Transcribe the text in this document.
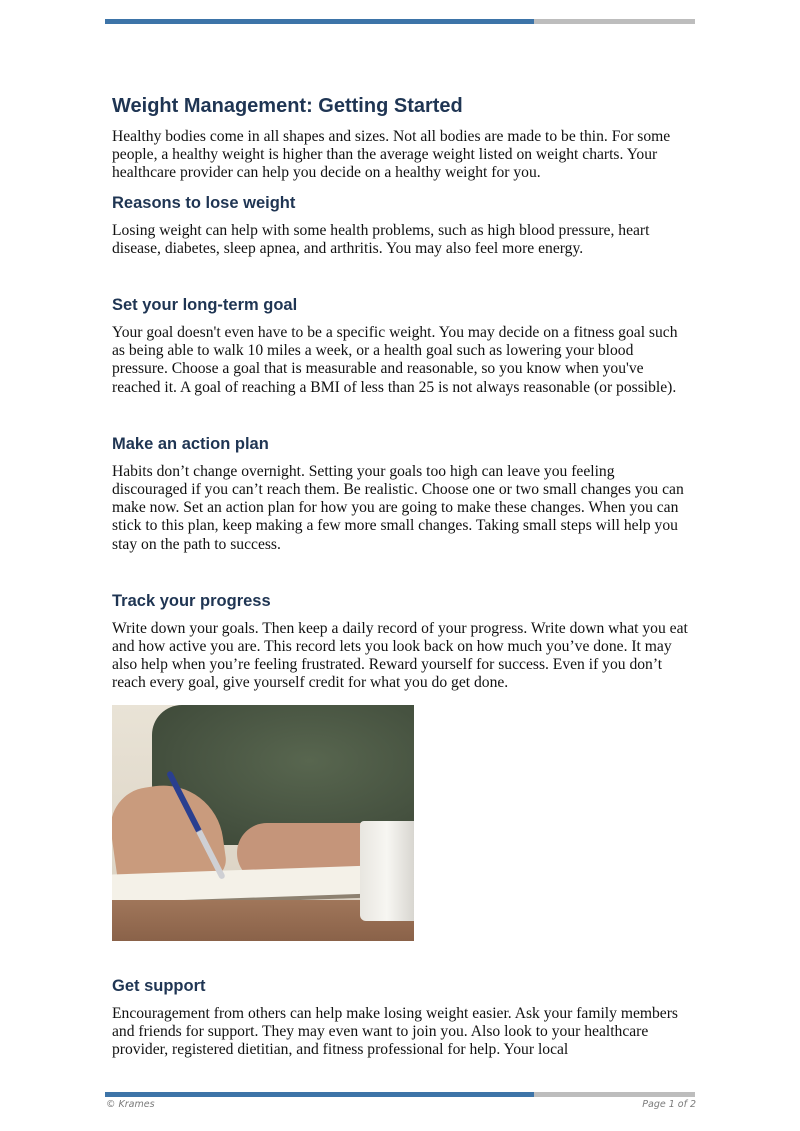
Weight Management: Getting Started

Healthy bodies come in all shapes and sizes. Not all bodies are made to be thin. For some people, a healthy weight is higher than the average weight listed on weight charts. Your healthcare provider can help you decide on a healthy weight for you.

Reasons to lose weight

Losing weight can help with some health problems, such as high blood pressure, heart disease, diabetes, sleep apnea, and arthritis. You may also feel more energy.

Set your long-term goal

Your goal doesn't even have to be a specific weight. You may decide on a fitness goal such as being able to walk 10 miles a week, or a health goal such as lowering your blood pressure. Choose a goal that is measurable and reasonable, so you know when you've reached it. A goal of reaching a BMI of less than 25 is not always reasonable (or possible).

Make an action plan

Habits don’t change overnight. Setting your goals too high can leave you feeling discouraged if you can’t reach them. Be realistic. Choose one or two small changes you can make now. Set an action plan for how you are going to make these changes. When you can stick to this plan, keep making a few more small changes. Taking small steps will help you stay on the path to success.

Track your progress

Write down your goals. Then keep a daily record of your progress. Write down what you eat and how active you are. This record lets you look back on how much you’ve done. It may also help when you’re feeling frustrated. Reward yourself for success. Even if you don’t reach every goal, give yourself credit for what you do get done.

Get support

Encouragement from others can help make losing weight easier. Ask your family members and friends for support. They may even want to join you. Also look to your healthcare provider, registered dietitian, and fitness professional for help. Your local

© Krames	Page 1 of 2
